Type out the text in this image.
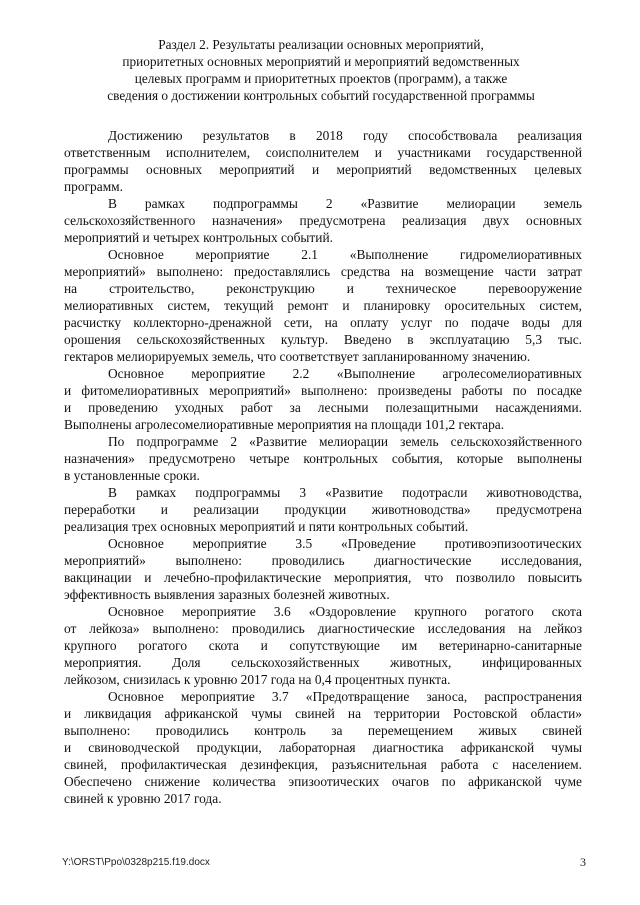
Раздел 2. Результаты реализации основных мероприятий,
приоритетных основных мероприятий и мероприятий ведомственных
целевых программ и приоритетных проектов (программ), а также
сведения о достижении контрольных событий государственной программы
Достижению результатов в 2018 году способствовала реализация
ответственным исполнителем, соисполнителем и участниками государственной
программы основных мероприятий и мероприятий ведомственных целевых
программ.
В рамках подпрограммы 2 «Развитие мелиорации земель
сельскохозяйственного назначения» предусмотрена реализация двух основных
мероприятий и четырех контрольных событий.
Основное мероприятие 2.1 «Выполнение гидромелиоративных
мероприятий» выполнено: предоставлялись средства на возмещение части затрат
на строительство, реконструкцию и техническое перевооружение
мелиоративных систем, текущий ремонт и планировку оросительных систем,
расчистку коллекторно-дренажной сети, на оплату услуг по подаче воды для
орошения сельскохозяйственных культур. Введено в эксплуатацию 5,3 тыс.
гектаров мелиорируемых земель, что соответствует запланированному значению.
Основное мероприятие 2.2 «Выполнение агролесомелиоративных
и фитомелиоративных мероприятий» выполнено: произведены работы по посадке
и проведению уходных работ за лесными полезащитными насаждениями.
Выполнены агролесомелиоративные мероприятия на площади 101,2 гектара.
По подпрограмме 2 «Развитие мелиорации земель сельскохозяйственного
назначения» предусмотрено четыре контрольных события, которые выполнены
в установленные сроки.
В рамках подпрограммы 3 «Развитие подотрасли животноводства,
переработки и реализации продукции животноводства» предусмотрена
реализация трех основных мероприятий и пяти контрольных событий.
Основное мероприятие 3.5 «Проведение противоэпизоотических
мероприятий» выполнено: проводились диагностические исследования,
вакцинации и лечебно-профилактические мероприятия, что позволило повысить
эффективность выявления заразных болезней животных.
Основное мероприятие 3.6 «Оздоровление крупного рогатого скота
от лейкоза» выполнено: проводились диагностические исследования на лейкоз
крупного рогатого скота и сопутствующие им ветеринарно-санитарные
мероприятия. Доля сельскохозяйственных животных, инфицированных
лейкозом, снизилась к уровню 2017 года на 0,4 процентных пункта.
Основное мероприятие 3.7 «Предотвращение заноса, распространения
и ликвидация африканской чумы свиней на территории Ростовской области»
выполнено: проводились контроль за перемещением живых свиней
и свиноводческой продукции, лабораторная диагностика африканской чумы
свиней, профилактическая дезинфекция, разъяснительная работа с населением.
Обеспечено снижение количества эпизоотических очагов по африканской чуме
свиней к уровню 2017 года.
Y:\ORST\Ppo\0328p215.f19.docx	3
